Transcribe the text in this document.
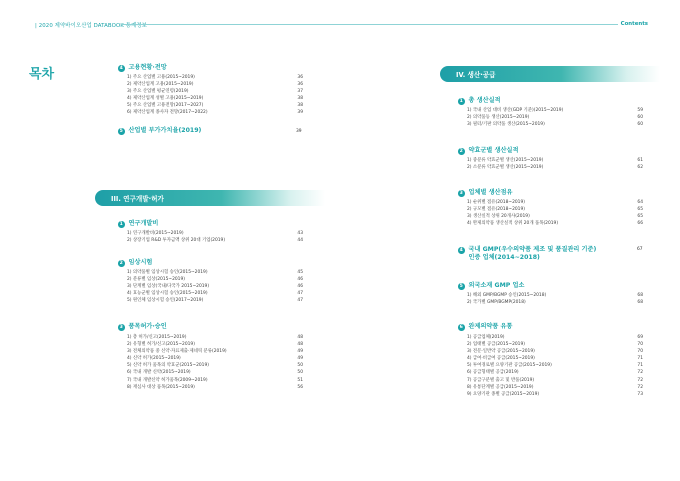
| 2020 제약바이오산업 DATABOOK 통계정보	Contents
목차	4 고용현황·전망
1) 주요 산업별 고용(2015~2019)	36
2) 제약산업계 고용(2015~2019)	36
3) 주요 산업별 평균연령(2019)	37
4) 제약산업계 성별 고용(2015~2019)	38
5) 주요 산업별 고용전망(2017~2027)	38
6) 제약산업계 종사자 전망(2017~2022)	39
5 산업별 부가가치율(2019)	39
III. 연구개발·허가
1 연구개발비
1) 연구개발비(2015~2019)	43
2) 상장기업 R&D 투자금액 상위 20대 기업(2019)	44
2 임상시험
1) 의약품별 임상시험 승인(2015~2019)	45
2) 분류별 임상(2015~2019)	46
3) 단계별 임상(국내/다국가 2015~2019)	46
4) 효능군별 임상시험 승인(2015~2019)	47
5) 원인체 임상시험 승인(2017~2019)	47
3 품목허가·승인
1) 총 허가/신고(2015~2019)	48
2) 유형별 허가/신고(2015~2019)	48
3) 전체의약품 중 신약·자료제출·제네릭 분류(2019)	49
4) 신약 허가(2015~2019)	49
5) 신약 허가 품목의 약효군(2015~2019)	50
6) 국내 개발 신약(2015~2019)	50
7) 국내 개발신약 허가품목(2009~2019)	51
8) 재심사 대상 품목(2015~2019)	56
IV. 생산·공급
1 총 생산실적
1) 국내 산업 대비 생산(GDP 기준)(2015~2019)	59
2) 의약품등 생산(2015~2019)	60
3) 필터/기판 의약품 생산(2015~2019)	60
2 약효군별 생산실적
1) 중분류 약효군별 생산(2015~2019)	61
2) 소분류 약효군별 생산(2015~2019)	62
3 업체별 생산점유
1) 순위별 점유(2018~2019)	64
2) 규모별 점유(2018~2019)	65
3) 생산실적 상위 20개사(2019)	65
4) 완제의약품 생산실적 상위 20개 품목(2019)	66
4 국내 GMP(우수의약품 제조 및 품질관리 기준)
인증 업체(2014~2018)
67
5 외국소재 GMP 업소
1) 해외 GMP/BGMP 승인(2015~2018)	68
2) 국가별 GMP/BGMP(2018)	68
6 완제의약품 유통
1) 공급업체(2019)	69
2) 업태별 공급(2015~2019)	70
3) 전문·일반약 공급(2015~2019)	70
4) 급여·비급여 공급(2015~2019)	71
5) 투여경로별 요양기관 공급(2015~2019)	71
6) 공급형태별 공급(2019)	72
7) 공급구분별 출고 및 반품(2019)	72
8) 유통단계별 공급(2015~2019)	72
9) 요양기관 종별 공급(2015~2019)	73
